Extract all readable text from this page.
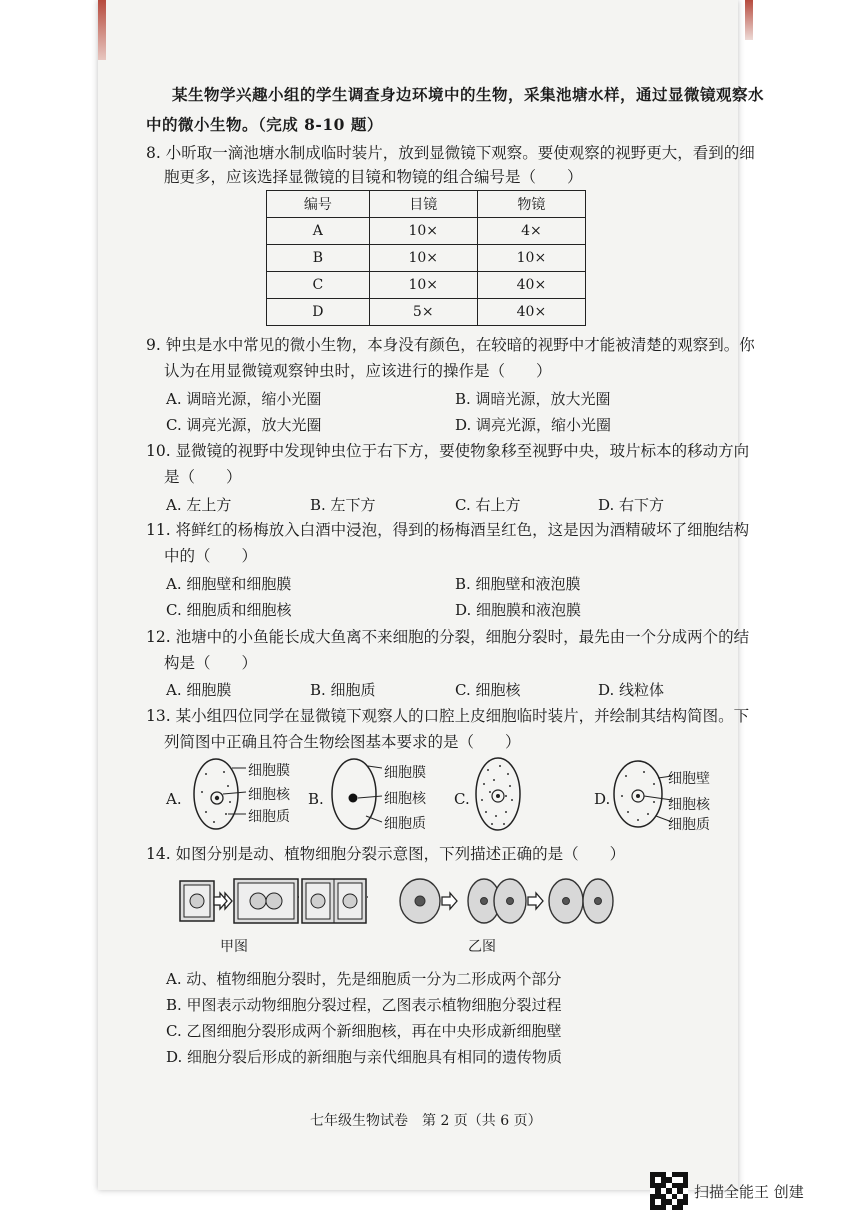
某生物学兴趣小组的学生调查身边环境中的生物，采集池塘水样，通过显微镜观察水
中的微小生物。（完成 8-10 题）
8. 小昕取一滴池塘水制成临时装片，放到显微镜下观察。要使观察的视野更大，看到的细
胞更多，应该选择显微镜的目镜和物镜的组合编号是（　　）
编号	目镜	物镜
A	10×	4×
B	10×	10×
C	10×	40×
D	5×	40×
9. 钟虫是水中常见的微小生物，本身没有颜色，在较暗的视野中才能被清楚的观察到。你
认为在用显微镜观察钟虫时，应该进行的操作是（　　）
A. 调暗光源，缩小光圈	B. 调暗光源，放大光圈
C. 调亮光源，放大光圈	D. 调亮光源，缩小光圈
10. 显微镜的视野中发现钟虫位于右下方，要使物象移至视野中央，玻片标本的移动方向
是（　　）
A. 左上方	B. 左下方	C. 右上方	D. 右下方
11. 将鲜红的杨梅放入白酒中浸泡，得到的杨梅酒呈红色，这是因为酒精破坏了细胞结构
中的（　　）
A. 细胞壁和细胞膜	B. 细胞壁和液泡膜
C. 细胞质和细胞核	D. 细胞膜和液泡膜
12. 池塘中的小鱼能长成大鱼离不来细胞的分裂，细胞分裂时，最先由一个分成两个的结
构是（　　）
A. 细胞膜	B. 细胞质	C. 细胞核	D. 线粒体
13. 某小组四位同学在显微镜下观察人的口腔上皮细胞临时装片，并绘制其结构简图。下
列简图中正确且符合生物绘图基本要求的是（　　）
A.
细胞膜
细胞核
细胞质
B.
细胞膜
细胞核
细胞质
C.	D.
细胞壁
细胞核
细胞质
14. 如图分别是动、植物细胞分裂示意图，下列描述正确的是（　　）
甲图	乙图
A. 动、植物细胞分裂时，先是细胞质一分为二形成两个部分
B. 甲图表示动物细胞分裂过程，乙图表示植物细胞分裂过程
C. 乙图细胞分裂形成两个新细胞核，再在中央形成新细胞壁
D. 细胞分裂后形成的新细胞与亲代细胞具有相同的遗传物质
七年级生物试卷　第 2 页（共 6 页）
扫描全能王 创建
